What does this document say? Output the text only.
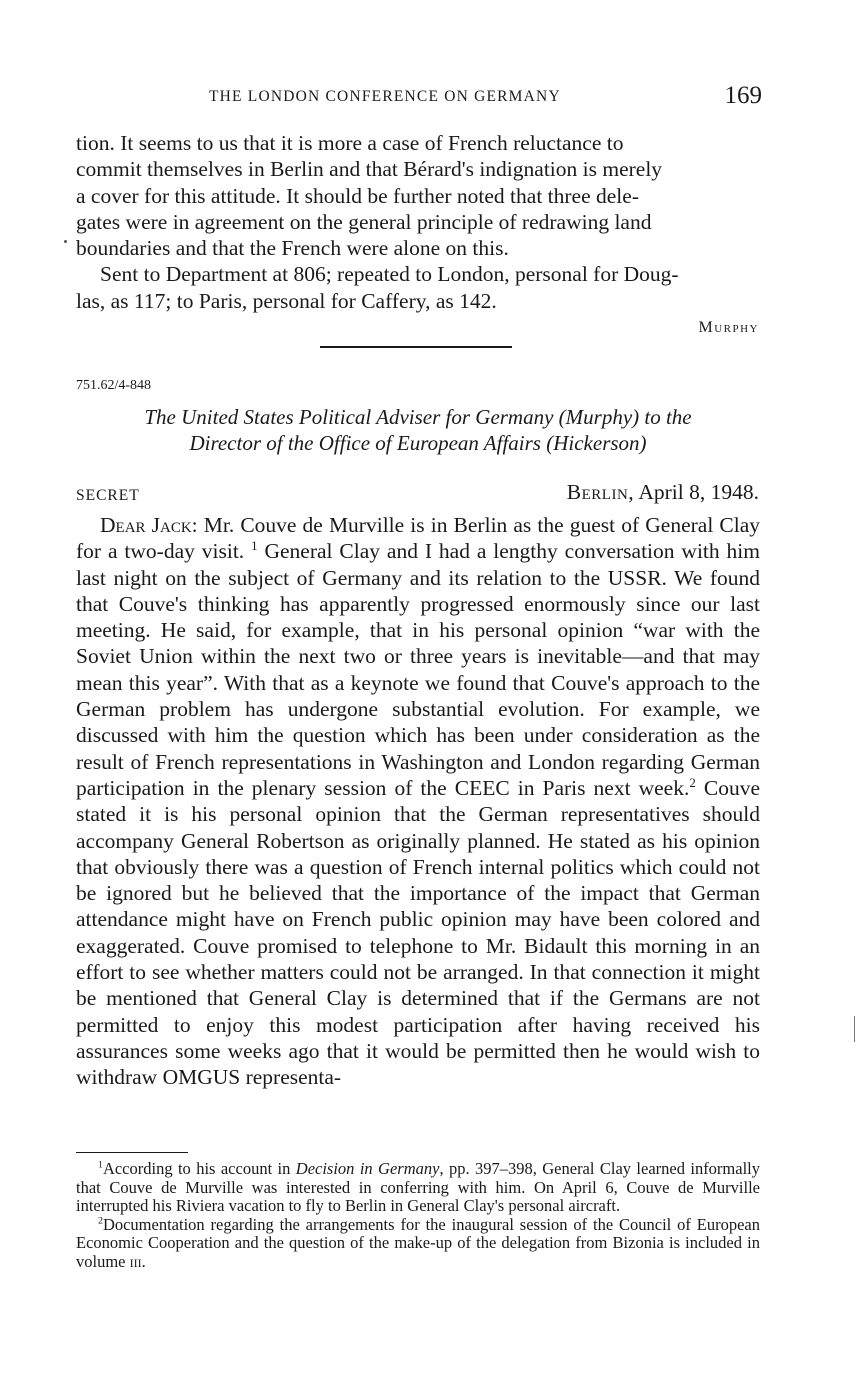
THE LONDON CONFERENCE ON GERMANY	169
tion. It seems to us that it is more a case of French reluctance to
commit themselves in Berlin and that Bérard's indignation is merely
a cover for this attitude. It should be further noted that three dele-
gates were in agreement on the general principle of redrawing land
boundaries and that the French were alone on this.
Sent to Department at 806; repeated to London, personal for Doug-
las, as 117; to Paris, personal for Caffery, as 142.
Murphy
751.62/4-848
The United States Political Adviser for Germany (Murphy) to the
Director of the Office of European Affairs (Hickerson)
SECRET	Berlin, April 8, 1948.
Dear Jack: Mr. Couve de Murville is in Berlin as the guest of General Clay for a two-day visit. $^1$ General Clay and I had a lengthy conversation with him last night on the subject of Germany and its relation to the USSR. We found that Couve's thinking has apparently progressed enormously since our last meeting. He said, for example, that in his personal opinion “war with the Soviet Union within the next two or three years is inevitable—and that may mean this year”. With that as a keynote we found that Couve's approach to the German problem has undergone substantial evolution. For example, we discussed with him the question which has been under consideration as the result of French representations in Washington and London regarding German participation in the plenary session of the CEEC in Paris next week.$^2$ Couve stated it is his personal opinion that the German representatives should accompany General Robertson as originally planned. He stated as his opinion that obviously there was a question of French internal politics which could not be ignored but he believed that the importance of the impact that German attendance might have on French public opinion may have been colored and exaggerated. Couve promised to telephone to Mr. Bidault this morning in an effort to see whether matters could not be arranged. In that connection it might be mentioned that General Clay is determined that if the Germans are not permitted to enjoy this modest participation after having received his assurances some weeks ago that it would be permitted then he would wish to withdraw OMGUS representa-

$^1$According to his account in Decision in Germany, pp. 397–398, General Clay learned informally that Couve de Murville was interested in conferring with him. On April 6, Couve de Murville interrupted his Riviera vacation to fly to Berlin in General Clay's personal aircraft.

$^2$Documentation regarding the arrangements for the inaugural session of the Council of European Economic Cooperation and the question of the make-up of the delegation from Bizonia is included in volume iii.
